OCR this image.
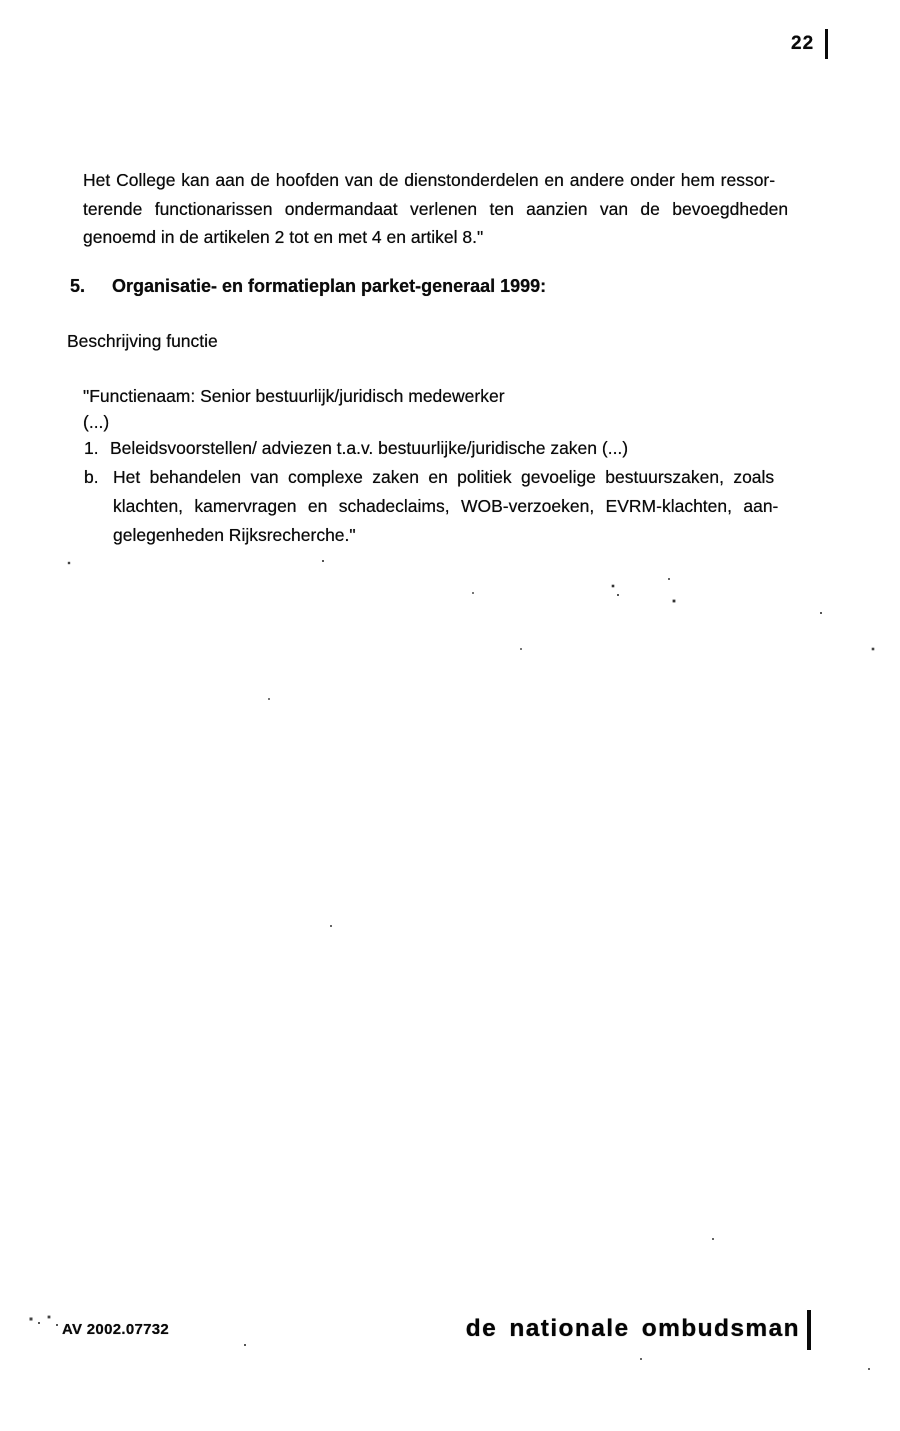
22
Het College kan aan de hoofden van de dienstonderdelen en andere onder hem ressor-
terende functionarissen ondermandaat verlenen ten aanzien van de bevoegdheden
genoemd in de artikelen 2 tot en met 4 en artikel 8."
5. Organisatie- en formatieplan parket-generaal 1999:
Beschrijving functie
"Functienaam: Senior bestuurlijk/juridisch medewerker
(...)
1. Beleidsvoorstellen/ adviezen t.a.v. bestuurlijke/juridische zaken (...)
b. Het behandelen van complexe zaken en politiek gevoelige bestuurszaken, zoals
klachten, kamervragen en schadeclaims, WOB-verzoeken, EVRM-klachten, aan-
gelegenheden Rijksrecherche."
AV 2002.07732	de nationale ombudsman
